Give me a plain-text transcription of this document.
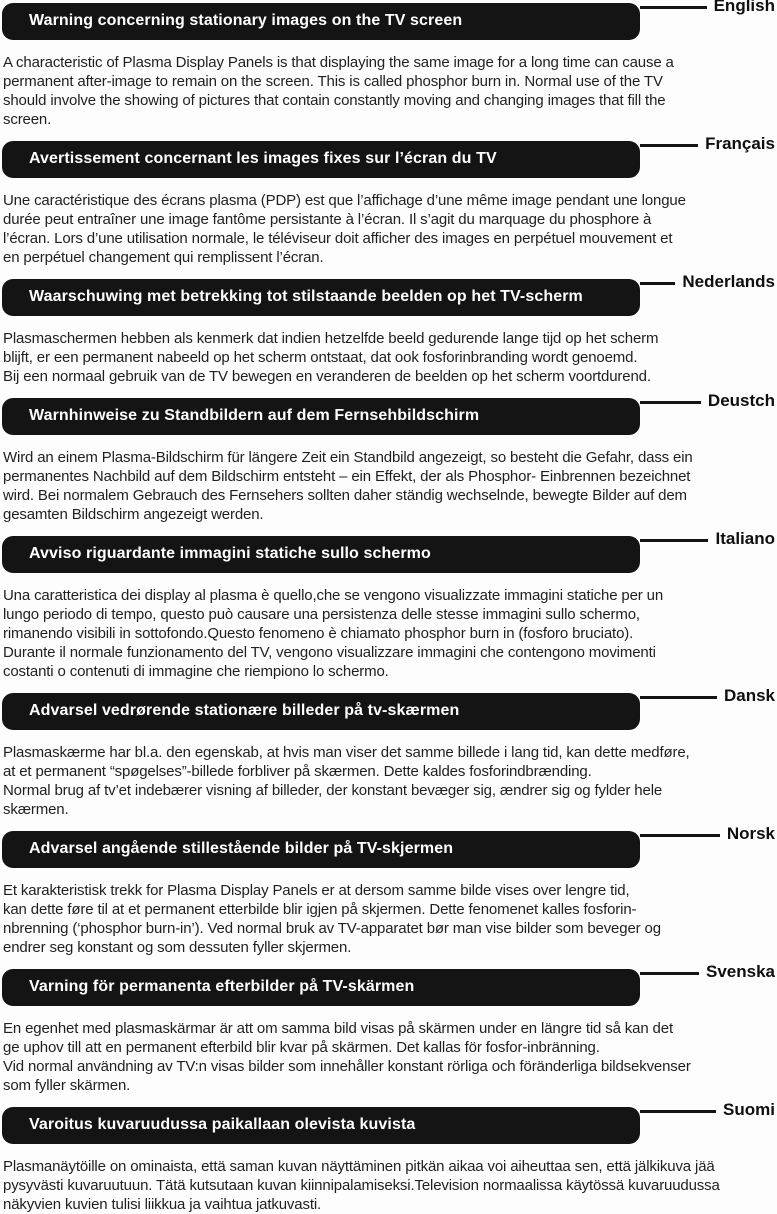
Warning concerning stationary images on the TV screen
English
A characteristic of Plasma Display Panels is that displaying the same image for a long time can cause a
permanent after-image to remain on the screen. This is called phosphor burn in. Normal use of the TV
should involve the showing of pictures that contain constantly moving and changing images that fill the
screen.
Avertissement concernant les images fixes sur l’écran du TV
Français
Une caractéristique des écrans plasma (PDP) est que l’affichage d’une même image pendant une longue
durée peut entraîner une image fantôme persistante à l’écran. Il s’agit du marquage du phosphore à
l’écran. Lors d’une utilisation normale, le téléviseur doit afficher des images en perpétuel mouvement et
en perpétuel changement qui remplissent l’écran.
Waarschuwing met betrekking tot stilstaande beelden op het TV-scherm
Nederlands
Plasmaschermen hebben als kenmerk dat indien hetzelfde beeld gedurende lange tijd op het scherm
blijft, er een permanent nabeeld op het scherm ontstaat, dat ook fosforinbranding wordt genoemd.
Bij een normaal gebruik van de TV bewegen en veranderen de beelden op het scherm voortdurend.
Warnhinweise zu Standbildern auf dem Fernsehbildschirm
Deustch
Wird an einem Plasma-Bildschirm für längere Zeit ein Standbild angezeigt, so besteht die Gefahr, dass ein
permanentes Nachbild auf dem Bildschirm entsteht – ein Effekt, der als Phosphor- Einbrennen bezeichnet
wird. Bei normalem Gebrauch des Fernsehers sollten daher ständig wechselnde, bewegte Bilder auf dem
gesamten Bildschirm angezeigt werden.
Avviso riguardante immagini statiche sullo schermo
Italiano
Una caratteristica dei display al plasma è quello,che se vengono visualizzate immagini statiche per un
lungo periodo di tempo, questo può causare una persistenza delle stesse immagini sullo schermo,
rimanendo visibili in sottofondo.Questo fenomeno è chiamato phosphor burn in (fosforo bruciato).
Durante il normale funzionamento del TV, vengono visualizzare immagini che contengono movimenti
costanti o contenuti di immagine che riempiono lo schermo.
Advarsel vedrørende stationære billeder på tv-skærmen
Dansk
Plasmaskærme har bl.a. den egenskab, at hvis man viser det samme billede i lang tid, kan dette medføre,
at et permanent “spøgelses”-billede forbliver på skærmen. Dette kaldes fosforindbrænding.
Normal brug af tv’et indebærer visning af billeder, der konstant bevæger sig, ændrer sig og fylder hele
skærmen.
Advarsel angående stillestående bilder på TV-skjermen
Norsk
Et karakteristisk trekk for Plasma Display Panels er at dersom samme bilde vises over lengre tid,
kan dette føre til at et permanent etterbilde blir igjen på skjermen. Dette fenomenet kalles fosforin-
nbrenning (‘phosphor burn-in’). Ved normal bruk av TV-apparatet bør man vise bilder som beveger og
endrer seg konstant og som dessuten fyller skjermen.
Varning för permanenta efterbilder på TV-skärmen
Svenska
En egenhet med plasmaskärmar är att om samma bild visas på skärmen under en längre tid så kan det
ge uphov till att en permanent efterbild blir kvar på skärmen. Det kallas för fosfor-inbränning.
Vid normal användning av TV:n visas bilder som innehåller konstant rörliga och föränderliga bildsekvenser
som fyller skärmen.
Varoitus kuvaruudussa paikallaan olevista kuvista
Suomi
Plasmanäytöille on ominaista, että saman kuvan näyttäminen pitkän aikaa voi aiheuttaa sen, että jälkikuva jää
pysyvästi kuvaruutuun. Tätä kutsutaan kuvan kiinnipalamiseksi.Television normaalissa käytössä kuvaruudussa
näkyvien kuvien tulisi liikkua ja vaihtua jatkuvasti.
